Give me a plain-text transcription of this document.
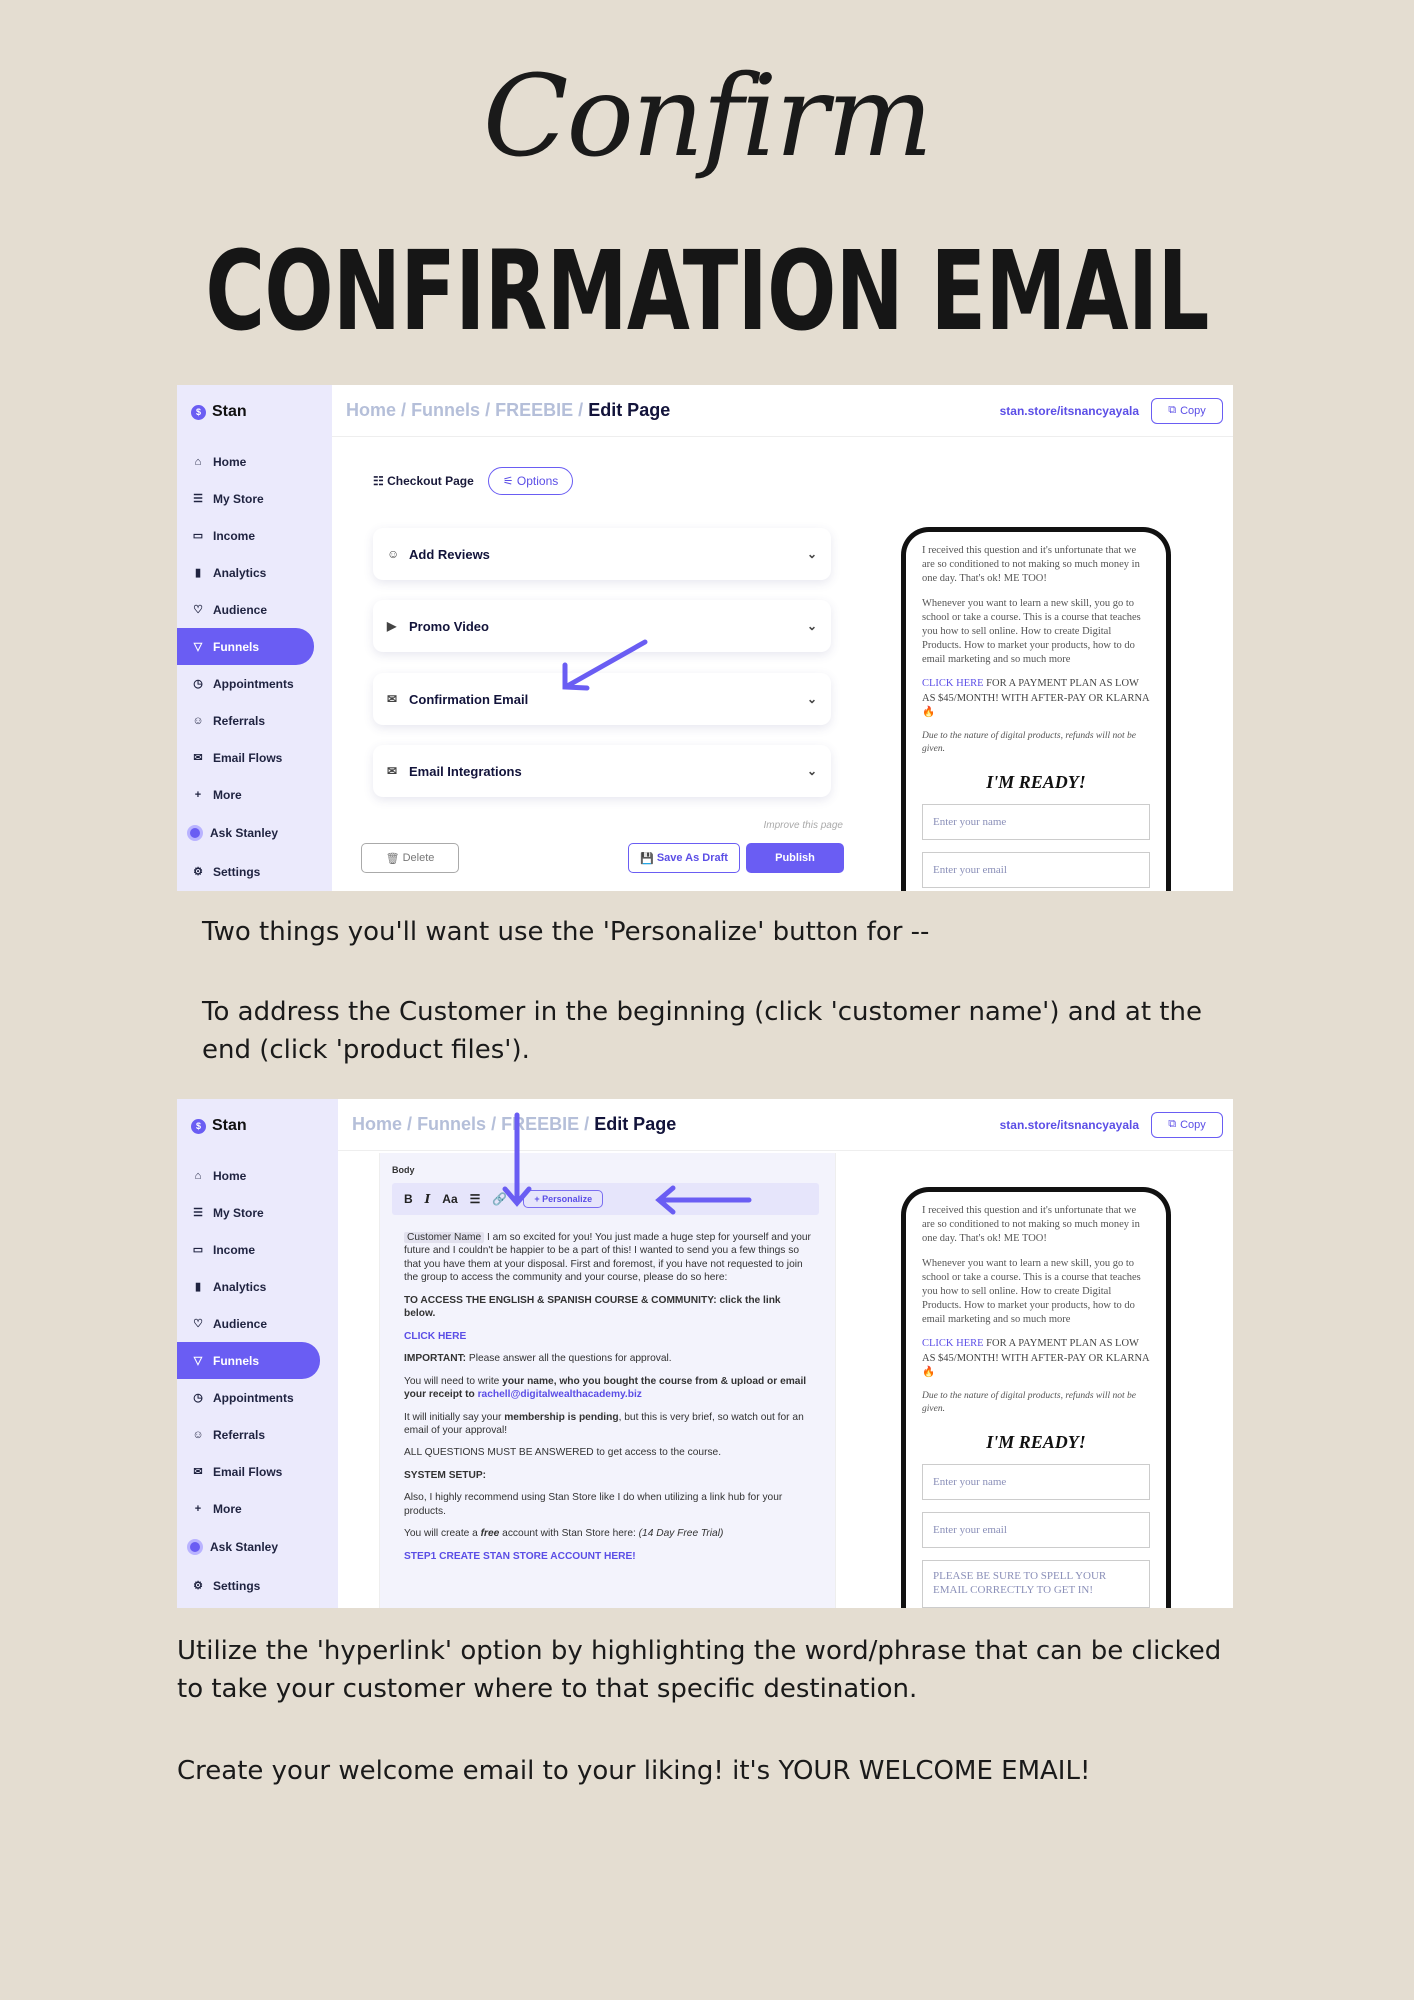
Confirm
CONFIRMATION EMAIL
$ Stan
⌂ Home
☰ My Store
▭ Income
▮ Analytics
♡ Audience
▽ Funnels
◷ Appointments
☺ Referrals
✉ Email Flows
+ More
Ask Stanley
⚙ Settings
Home / Funnels / FREEBIE / Edit Page	stan.store/itsnancyayala	⧉ Copy
☷ Checkout Page	⚟ Options
☺ Add Reviews	⌄
▶ Promo Video	⌄
✉ Confirmation Email	⌄
✉ Email Integrations	⌄
Improve this page
🗑
Delete	💾
Save As Draft	Publish

I received this question and it's unfortunate that we are so conditioned to not making so much money in one day. That's ok! ME TOO!

Whenever you want to learn a new skill, you go to school or take a course. This is a course that teaches you how to sell online. How to create Digital Products. How to market your products, how to do email marketing and so much more

CLICK HERE FOR A PAYMENT PLAN AS LOW AS $45/MONTH! WITH AFTER-PAY OR KLARNA🔥

Due to the nature of digital products, refunds will not be given.

I'M READY!
Enter your name
Enter your email
$ Stan
⌂ Home
☰ My Store
▭ Income
▮ Analytics
♡ Audience
▽ Funnels
◷ Appointments
☺ Referrals
✉ Email Flows
+ More
Ask Stanley
⚙ Settings
Home / Funnels / FREEBIE / Edit Page	stan.store/itsnancyayala	⧉ Copy
Body
B I Aa ☰ 🔗	+ Personalize

Customer Name I am so excited for you! You just made a huge step for yourself and your future and I couldn't be happier to be a part of this! I wanted to send you a few things so that you have them at your disposal. First and foremost, if you have not requested to join the group to access the community and your course, please do so here:

TO ACCESS THE ENGLISH & SPANISH COURSE & COMMUNITY: click the link below.

CLICK HERE

IMPORTANT: Please answer all the questions for approval.

You will need to write your name, who you bought the course from & upload or email your receipt to rachell@digitalwealthacademy.biz

It will initially say your membership is pending, but this is very brief, so watch out for an email of your approval!

ALL QUESTIONS MUST BE ANSWERED to get access to the course.

SYSTEM SETUP:

Also, I highly recommend using Stan Store like I do when utilizing a link hub for your products.

You will create a free account with Stan Store here: (14 Day Free Trial)

STEP1 CREATE STAN STORE ACCOUNT HERE!

I received this question and it's unfortunate that we are so conditioned to not making so much money in one day. That's ok! ME TOO!

Whenever you want to learn a new skill, you go to school or take a course. This is a course that teaches you how to sell online. How to create Digital Products. How to market your products, how to do email marketing and so much more

CLICK HERE FOR A PAYMENT PLAN AS LOW AS $45/MONTH! WITH AFTER-PAY OR KLARNA🔥

Due to the nature of digital products, refunds will not be given.

I'M READY!
Enter your name
Enter your email
PLEASE BE SURE TO SPELL YOUR EMAIL CORRECTLY TO GET IN!
Two things you'll want use the 'Personalize' button for --
To address the Customer in the beginning (click 'customer name') and at the end (click 'product files').
Utilize the 'hyperlink' option by highlighting the word/phrase that can be clicked to take your customer where to that specific destination.
Create your welcome email to your liking! it's YOUR WELCOME EMAIL!
